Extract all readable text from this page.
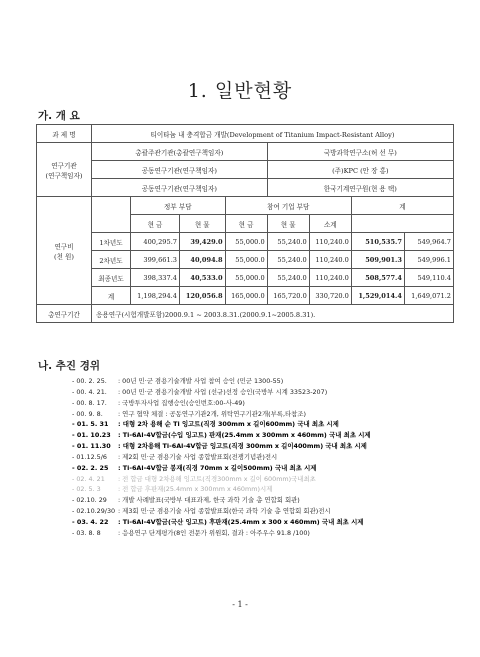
1. 일반현황
가. 개 요
과 제 명	티이타늄 내 충격합금 개발(Development of Titanium Impact-Resistant Alloy)							
연구기관
(연구책임자)	총괄주관기관(총괄연구책임자)				국방과학연구소(허 선 무)			
	공동연구기관(연구책임자)				(주)KPC (안 장 홍)			
	공동연구기관(연구책임자)				한국기계연구원(현 용 택)			
연구비
(천 원)		정부 부담		참여 기업 부담			계	
		현 금	현 물	현 금	현 물	소계		
	1차년도	400,295.7	39,429.0	55,000.0	55,240.0	110,240.0	510,535.7	549,964.7
	2차년도	399,661.3	40,094.8	55,000.0	55,240.0	110,240.0	509,901.3	549,996.1
	최종년도	398,337.4	40,533.0	55,000.0	55,240.0	110,240.0	508,577.4	549,110.4
	계	1,198,294.4	120,056.8	165,000.0	165,720.0	330,720.0	1,529,014.4	1,649,071.2
총연구기간	응용연구(시험개발포함)2000.9.1 ~ 2003.8.31.(2000.9.1~2005.8.31).							
나. 추진 경위
- 00. 2. 25.	: 00년 민·군 겸용기술개발 사업 참여 승인 (민군 1300-55)
- 00. 4. 21.	: 00년 민·군 겸용기술개발 사업 (선규)선정 승인(국방부 시계 33523-207)
- 00. 8. 17.	: 국방투자사업 집행승인(승인번호:00-사-49)
- 00. 9. 8.	: 연구 협약 체결 : 공동연구기관2개, 위탁연구기관2개(부록,타참조)
- 01. 5. 31	: 대형 2차 용해 순 Ti 잉고트(직경 300mm x 길이600mm) 국내 최초 시제
- 01. 10.23	: Ti-6Al-4V합금(수입 잉고트) 판재(25.4mm x 300mm x 460mm) 국내 최초 시제
- 01. 11.30	: 대형 2차용해 Ti-6Al-4V합금 잉고트(직경 300mm x 길이400mm) 국내 최초 시제
- 01.12.5/6	: 제2회 민·군 겸용기술 사업 종합발표회(전쟁기념관)전시
- 02. 2. 25	: Ti-6Al-4V합금 봉재(직경 70mm x 길이500mm) 국내 최초 시제
- 02. 4. 21	: 전 합금 대형 2차용해 잉고트(직경300mm x 길이 600mm)국내최초
- 02. 5. 3	: 전 합금 후판재(25.4mm x 300mm x 460mm)시제
- 02.10. 29	: 개발 사례발표(국방부 대표과제, 한국 과학 기술 총 연합회 회관)
- 02.10.29/30 : 제3회 민·군 겸용기술 사업 종합발표회(한국 과학 기술 총 연합회 회관)전시
- 03. 4. 22	: Ti-6Al-4V합금(국산 잉고트) 후판재(25.4mm x 300 x 460mm) 국내 최초 시제
- 03. 8. 8	: 응용연구 단계평가(8인 전문가 위원회, 결과 : 아주우수 91.8 /100)
- 1 -
